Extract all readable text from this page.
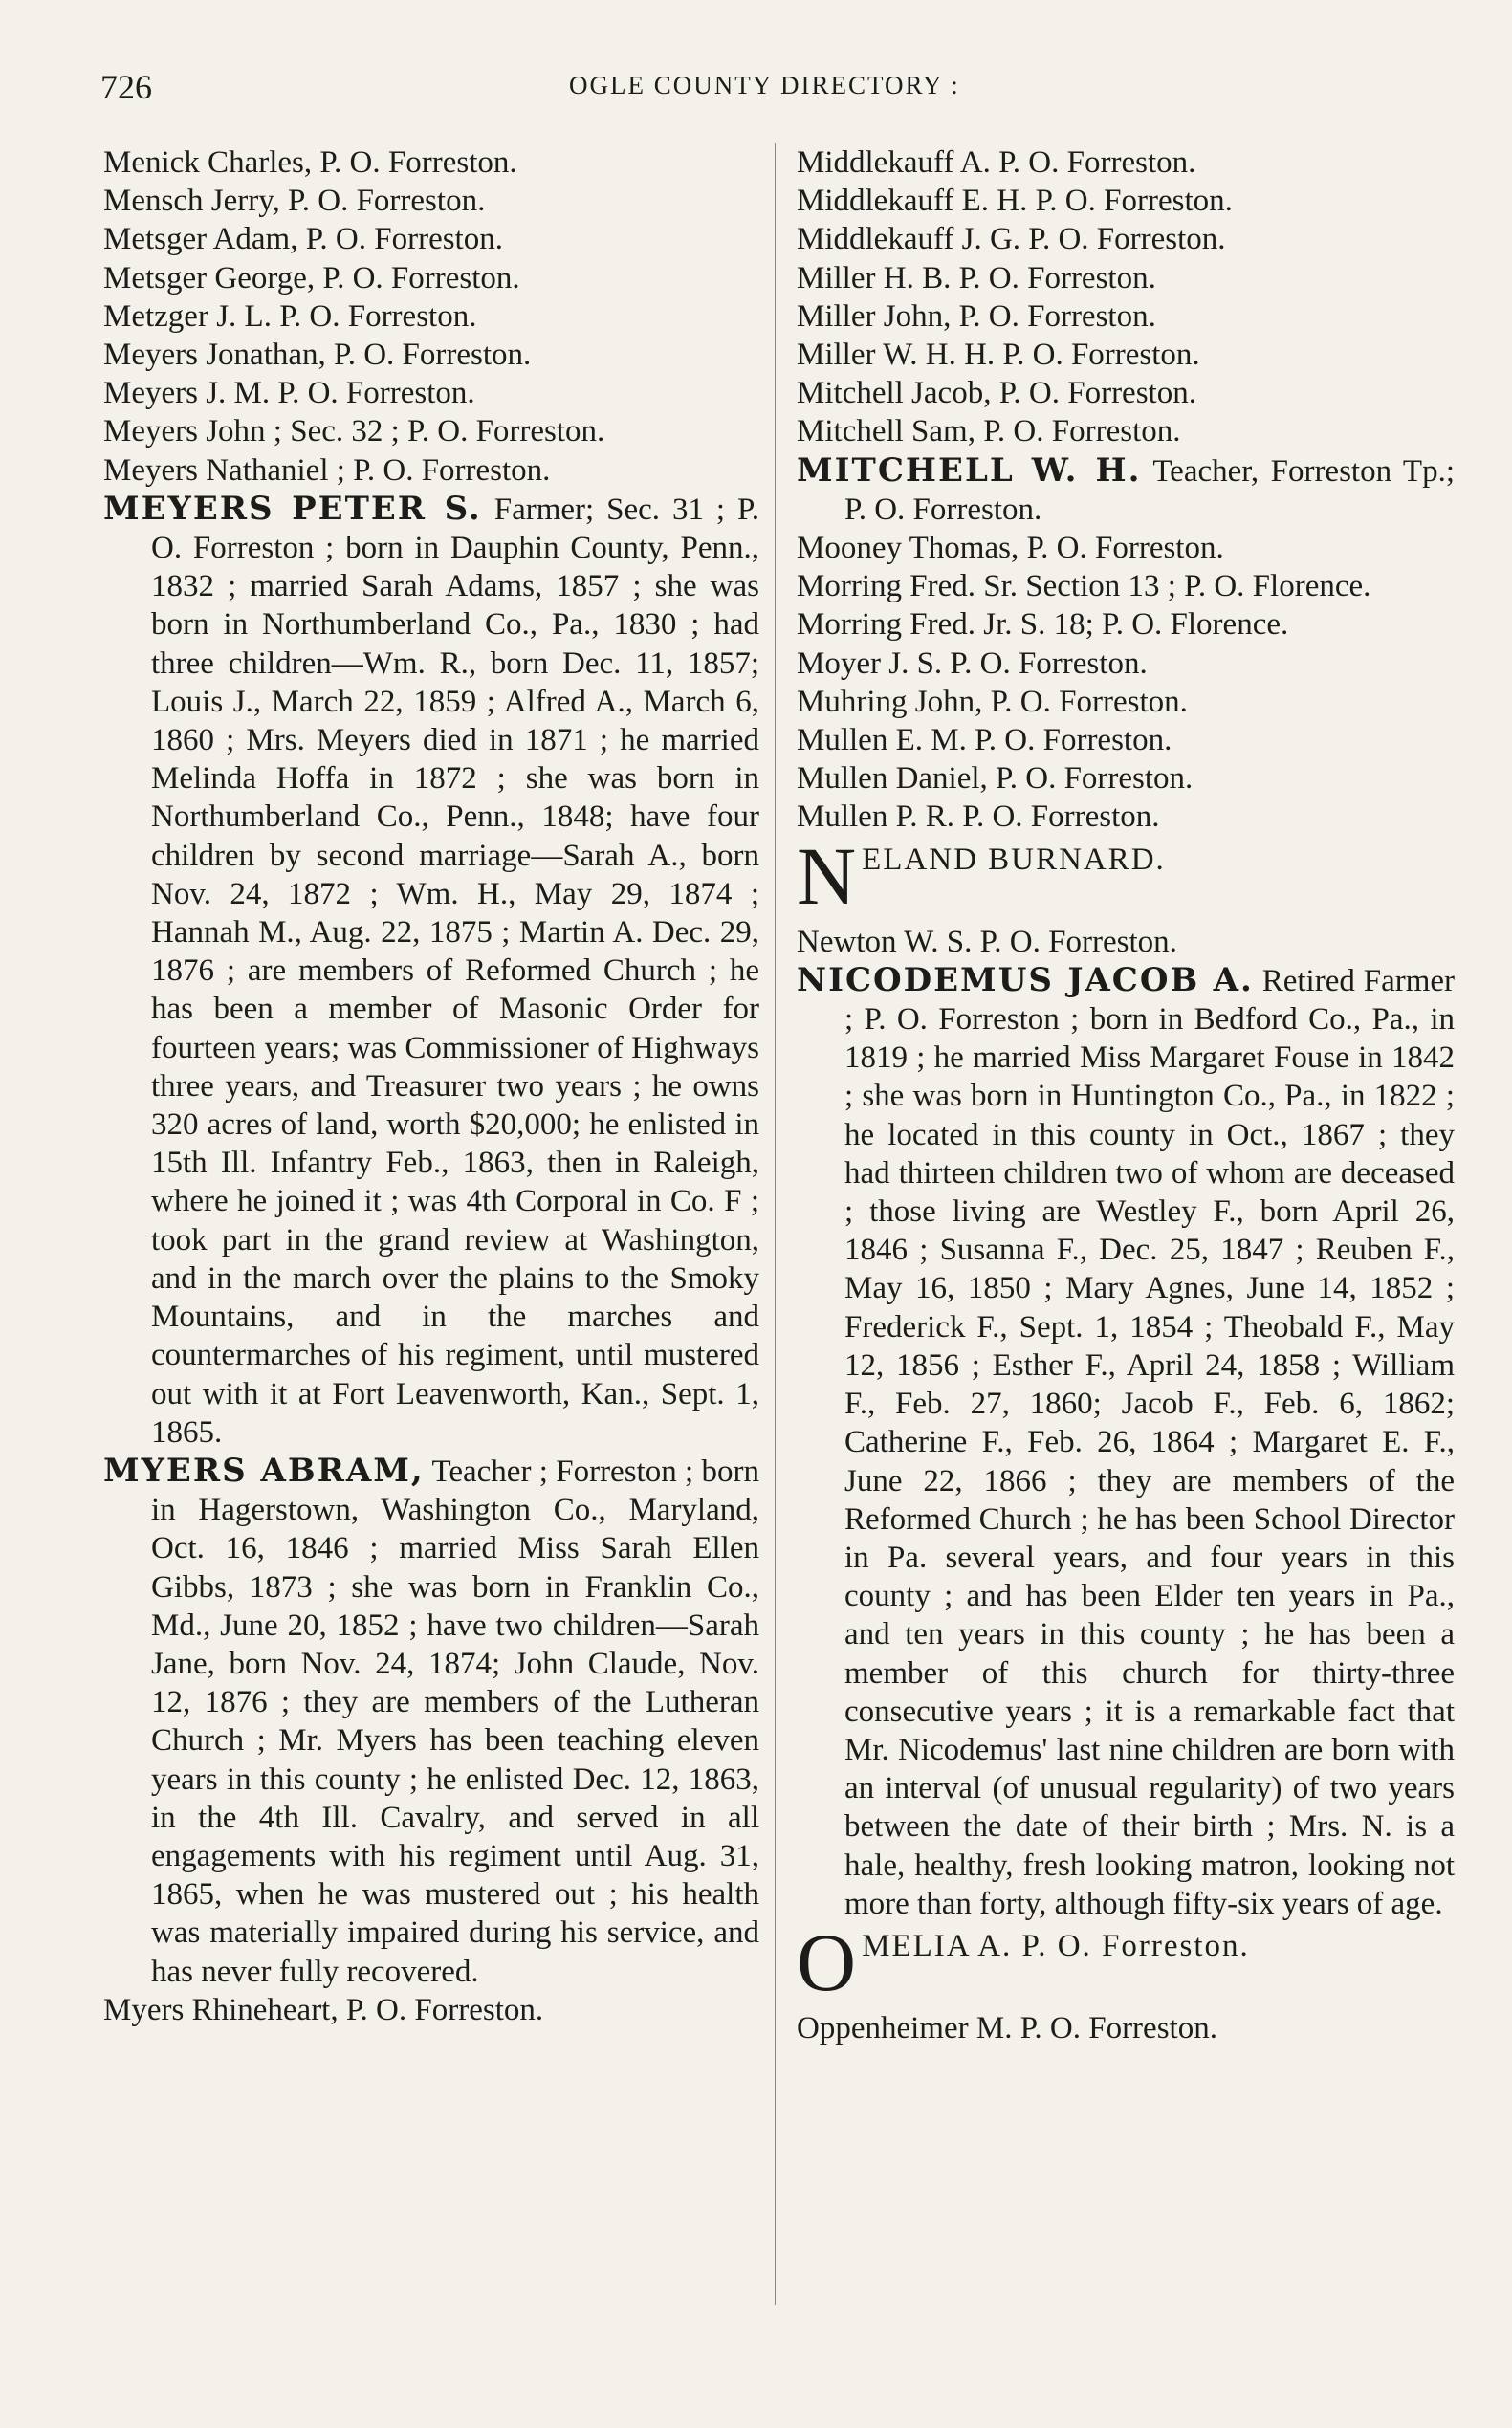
726	OGLE COUNTY DIRECTORY :

Menick Charles, P. O. Forreston.

Mensch Jerry, P. O. Forreston.

Metsger Adam, P. O. Forreston.

Metsger George, P. O. Forreston.

Metzger J. L. P. O. Forreston.

Meyers Jonathan, P. O. Forreston.

Meyers J. M. P. O. Forreston.

Meyers John ; Sec. 32 ; P. O. Forreston.

Meyers Nathaniel ; P. O. Forreston.

MEYERS PETER S. Farmer; Sec. 31 ; P. O. Forreston ; born in Dauphin County, Penn., 1832 ; married Sarah Adams, 1857 ; she was born in Northumberland Co., Pa., 1830 ; had three children—Wm. R., born Dec. 11, 1857; Louis J., March 22, 1859 ; Alfred A., March 6, 1860 ; Mrs. Meyers died in 1871 ; he married Melinda Hoffa in 1872 ; she was born in Northumberland Co., Penn., 1848; have four children by second marriage—Sarah A., born Nov. 24, 1872 ; Wm. H., May 29, 1874 ; Hannah M., Aug. 22, 1875 ; Martin A. Dec. 29, 1876 ; are members of Reformed Church ; he has been a member of Masonic Order for fourteen years; was Commissioner of Highways three years, and Treasurer two years ; he owns 320 acres of land, worth $20,000; he enlisted in 15th Ill. Infantry Feb., 1863, then in Raleigh, where he joined it ; was 4th Corporal in Co. F ; took part in the grand review at Washington, and in the march over the plains to the Smoky Mountains, and in the marches and countermarches of his regiment, until mustered out with it at Fort Leavenworth, Kan., Sept. 1, 1865.

MYERS ABRAM, Teacher ; Forreston ; born in Hagerstown, Washington Co., Maryland, Oct. 16, 1846 ; married Miss Sarah Ellen Gibbs, 1873 ; she was born in Franklin Co., Md., June 20, 1852 ; have two children—Sarah Jane, born Nov. 24, 1874; John Claude, Nov. 12, 1876 ; they are members of the Lutheran Church ; Mr. Myers has been teaching eleven years in this county ; he enlisted Dec. 12, 1863, in the 4th Ill. Cavalry, and served in all engagements with his regiment until Aug. 31, 1865, when he was mustered out ; his health was materially impaired during his service, and has never fully recovered.

Myers Rhineheart, P. O. Forreston.

Middlekauff A. P. O. Forreston.

Middlekauff E. H. P. O. Forreston.

Middlekauff J. G. P. O. Forreston.

Miller H. B. P. O. Forreston.

Miller John, P. O. Forreston.

Miller W. H. H. P. O. Forreston.

Mitchell Jacob, P. O. Forreston.

Mitchell Sam, P. O. Forreston.

MITCHELL W. H. Teacher, Forreston Tp.; P. O. Forreston.

Mooney Thomas, P. O. Forreston.

Morring Fred. Sr. Section 13 ; P. O. Florence.

Morring Fred. Jr. S. 18; P. O. Florence.

Moyer J. S. P. O. Forreston.

Muhring John, P. O. Forreston.

Mullen E. M. P. O. Forreston.

Mullen Daniel, P. O. Forreston.

Mullen P. R. P. O. Forreston.

NELAND BURNARD.

Newton W. S. P. O. Forreston.

NICODEMUS JACOB A. Retired Farmer ; P. O. Forreston ; born in Bedford Co., Pa., in 1819 ; he married Miss Margaret Fouse in 1842 ; she was born in Huntington Co., Pa., in 1822 ; he located in this county in Oct., 1867 ; they had thirteen children two of whom are deceased ; those living are Westley F., born April 26, 1846 ; Susanna F., Dec. 25, 1847 ; Reuben F., May 16, 1850 ; Mary Agnes, June 14, 1852 ; Frederick F., Sept. 1, 1854 ; Theobald F., May 12, 1856 ; Esther F., April 24, 1858 ; William F., Feb. 27, 1860; Jacob F., Feb. 6, 1862; Catherine F., Feb. 26, 1864 ; Margaret E. F., June 22, 1866 ; they are members of the Reformed Church ; he has been School Director in Pa. several years, and four years in this county ; and has been Elder ten years in Pa., and ten years in this county ; he has been a member of this church for thirty-three consecutive years ; it is a remarkable fact that Mr. Nicodemus' last nine children are born with an interval (of unusual regularity) of two years between the date of their birth ; Mrs. N. is a hale, healthy, fresh looking matron, looking not more than forty, although fifty-six years of age.

OMELIA A. P. O. Forreston.

Oppenheimer M. P. O. Forreston.
